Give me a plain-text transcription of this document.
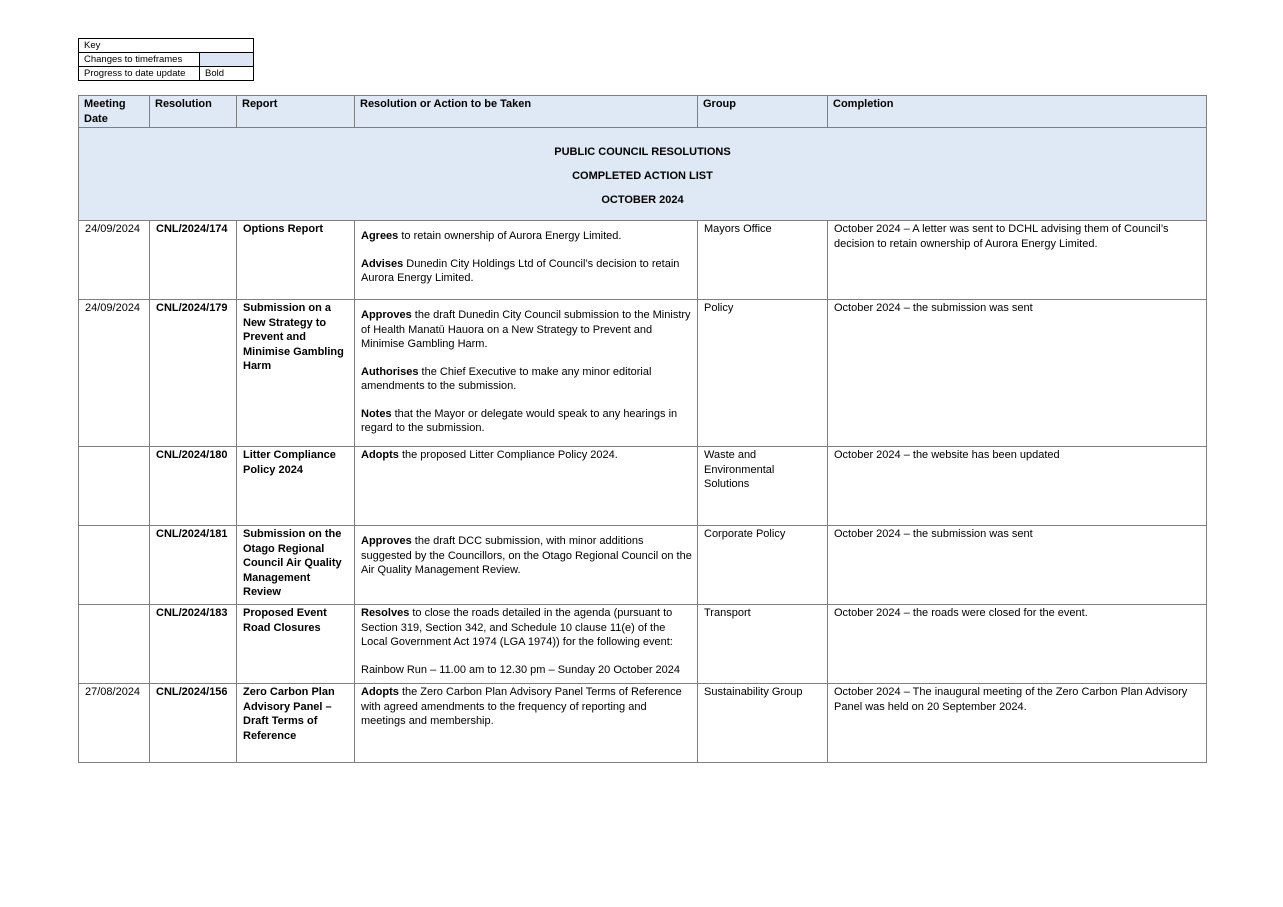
Key	
Changes to timeframes	
Progress to date update	Bold
PUBLIC COUNCIL RESOLUTIONS
COMPLETED ACTION LIST
OCTOBER 2024					

Meeting Date	Resolution	Report	Resolution or Action to be Taken	Group	Completion
24/09/2024	CNL/2024/174	Options Report	Agrees to retain ownership of Aurora Energy Limited.

Advises Dunedin City Holdings Ltd of Council’s decision to retain Aurora Energy Limited.	Mayors Office	October 2024 – A letter was sent to DCHL advising them of Council’s decision to retain ownership of Aurora Energy Limited.
24/09/2024	CNL/2024/179	Submission on a New Strategy to Prevent and Minimise Gambling Harm	Approves the draft Dunedin City Council submission to the Ministry of Health Manatū Hauora on a New Strategy to Prevent and Minimise Gambling Harm.

Authorises the Chief Executive to make any minor editorial amendments to the submission.

Notes that the Mayor or delegate would speak to any hearings in regard to the submission.	Policy	October 2024 – the submission was sent
	CNL/2024/180	Litter Compliance Policy 2024	Adopts the proposed Litter Compliance Policy 2024.	Waste and Environmental Solutions	October 2024 – the website has been updated
	CNL/2024/181	Submission on the Otago Regional Council Air Quality Management Review	Approves the draft DCC submission, with minor additions suggested by the Councillors, on the Otago Regional Council on the Air Quality Management Review.	Corporate Policy	October 2024 – the submission was sent
	CNL/2024/183	Proposed Event Road Closures	Resolves to close the roads detailed in the agenda (pursuant to Section 319, Section 342, and Schedule 10 clause 11(e) of the Local Government Act 1974 (LGA 1974)) for the following event:

Rainbow Run – 11.00 am to 12.30 pm – Sunday 20 October 2024	Transport	October 2024 – the roads were closed for the event.
27/08/2024	CNL/2024/156	Zero Carbon Plan Advisory Panel – Draft Terms of Reference	Adopts the Zero Carbon Plan Advisory Panel Terms of Reference with agreed amendments to the frequency of reporting and meetings and membership.	Sustainability Group	October 2024 – The inaugural meeting of the Zero Carbon Plan Advisory Panel was held on 20 September 2024.
